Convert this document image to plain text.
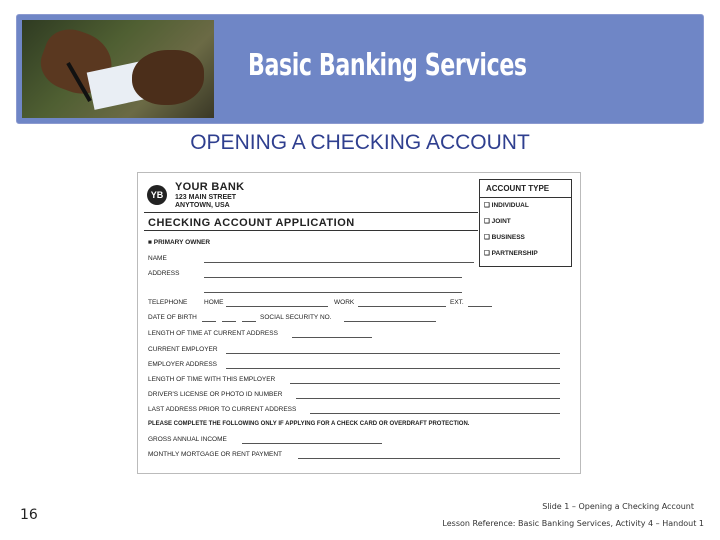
Basic Banking Services
OPENING A CHECKING ACCOUNT
YB
YOUR BANK
123 MAIN STREET
ANYTOWN, USA
ACCOUNT TYPE
❑ INDIVIDUAL
❑ JOINT
❑ BUSINESS
❑ PARTNERSHIP
CHECKING ACCOUNT APPLICATION
■ PRIMARY OWNER
NAME
ADDRESS
TELEPHONE	HOME	WORK	EXT.
DATE OF BIRTH	SOCIAL SECURITY NO.
LENGTH OF TIME AT CURRENT ADDRESS
CURRENT EMPLOYER
EMPLOYER ADDRESS
LENGTH OF TIME WITH THIS EMPLOYER
DRIVER'S LICENSE OR PHOTO ID NUMBER
LAST ADDRESS PRIOR TO CURRENT ADDRESS
PLEASE COMPLETE THE FOLLOWING ONLY IF APPLYING FOR A CHECK CARD OR OVERDRAFT PROTECTION.
GROSS ANNUAL INCOME
MONTHLY MORTGAGE OR RENT PAYMENT
16
Slide 1 – Opening a Checking Account
Lesson Reference: Basic Banking Services, Activity 4 – Handout 1
